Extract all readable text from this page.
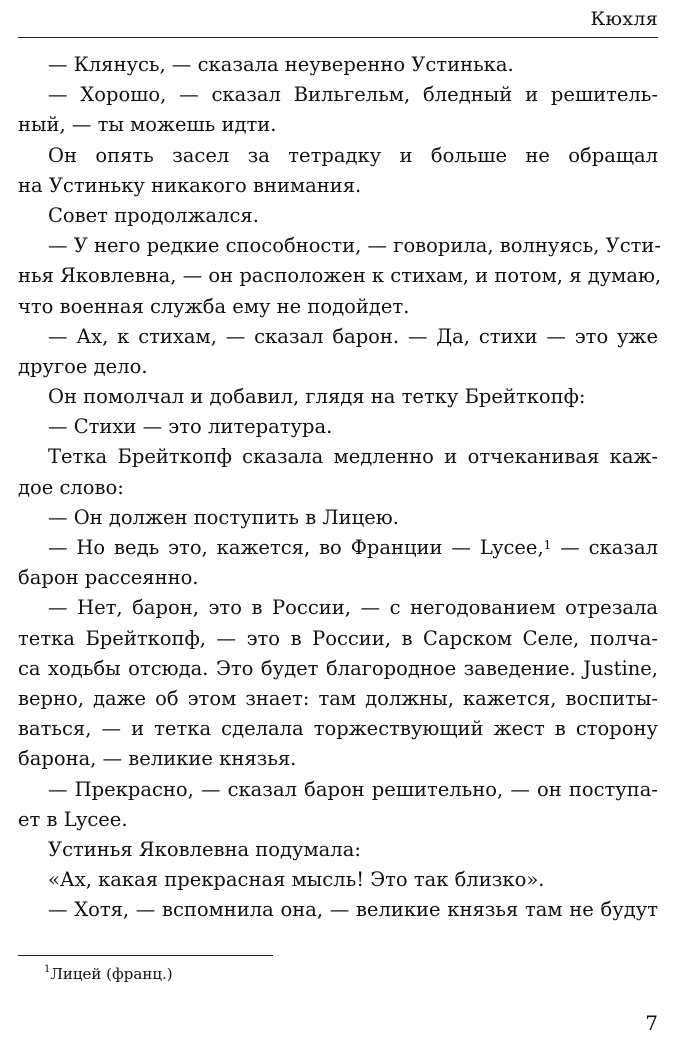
Кюхля
— Клянусь, — сказала неуверенно Устинька.
— Хорошо, — сказал Вильгельм, бледный и решитель-
ный, — ты можешь идти.
Он опять засел за тетрадку и больше не обращал
на Устиньку никакого внимания.
Совет продолжался.
— У него редкие способности, — говорила, волнуясь, Усти-
нья Яковлевна, — он расположен к стихам, и потом, я думаю,
что военная служба ему не подойдет.
— Ах, к стихам, — сказал барон. — Да, стихи — это уже
другое дело.
Он помолчал и добавил, глядя на тетку Брейткопф:
— Стихи — это литература.
Тетка Брейткопф сказала медленно и отчеканивая каж-
дое слово:
— Он должен поступить в Лицею.
— Но ведь это, кажется, во Франции — Lycee,$^1$ — сказал
барон рассеянно.
— Нет, барон, это в России, — с негодованием отрезала
тетка Брейткопф, — это в России, в Сарском Селе, полча-
са ходьбы отсюда. Это будет благородное заведение. Justine,
верно, даже об этом знает: там должны, кажется, воспиты-
ваться, — и тетка сделала торжествующий жест в сторону
барона, — великие князья.
— Прекрасно, — сказал барон решительно, — он поступа-
ет в Lycee.
Устинья Яковлевна подумала:
«Ах, какая прекрасная мысль! Это так близко».
— Хотя, — вспомнила она, — великие князья там не будут
$^1$Лицей (франц.)
7
